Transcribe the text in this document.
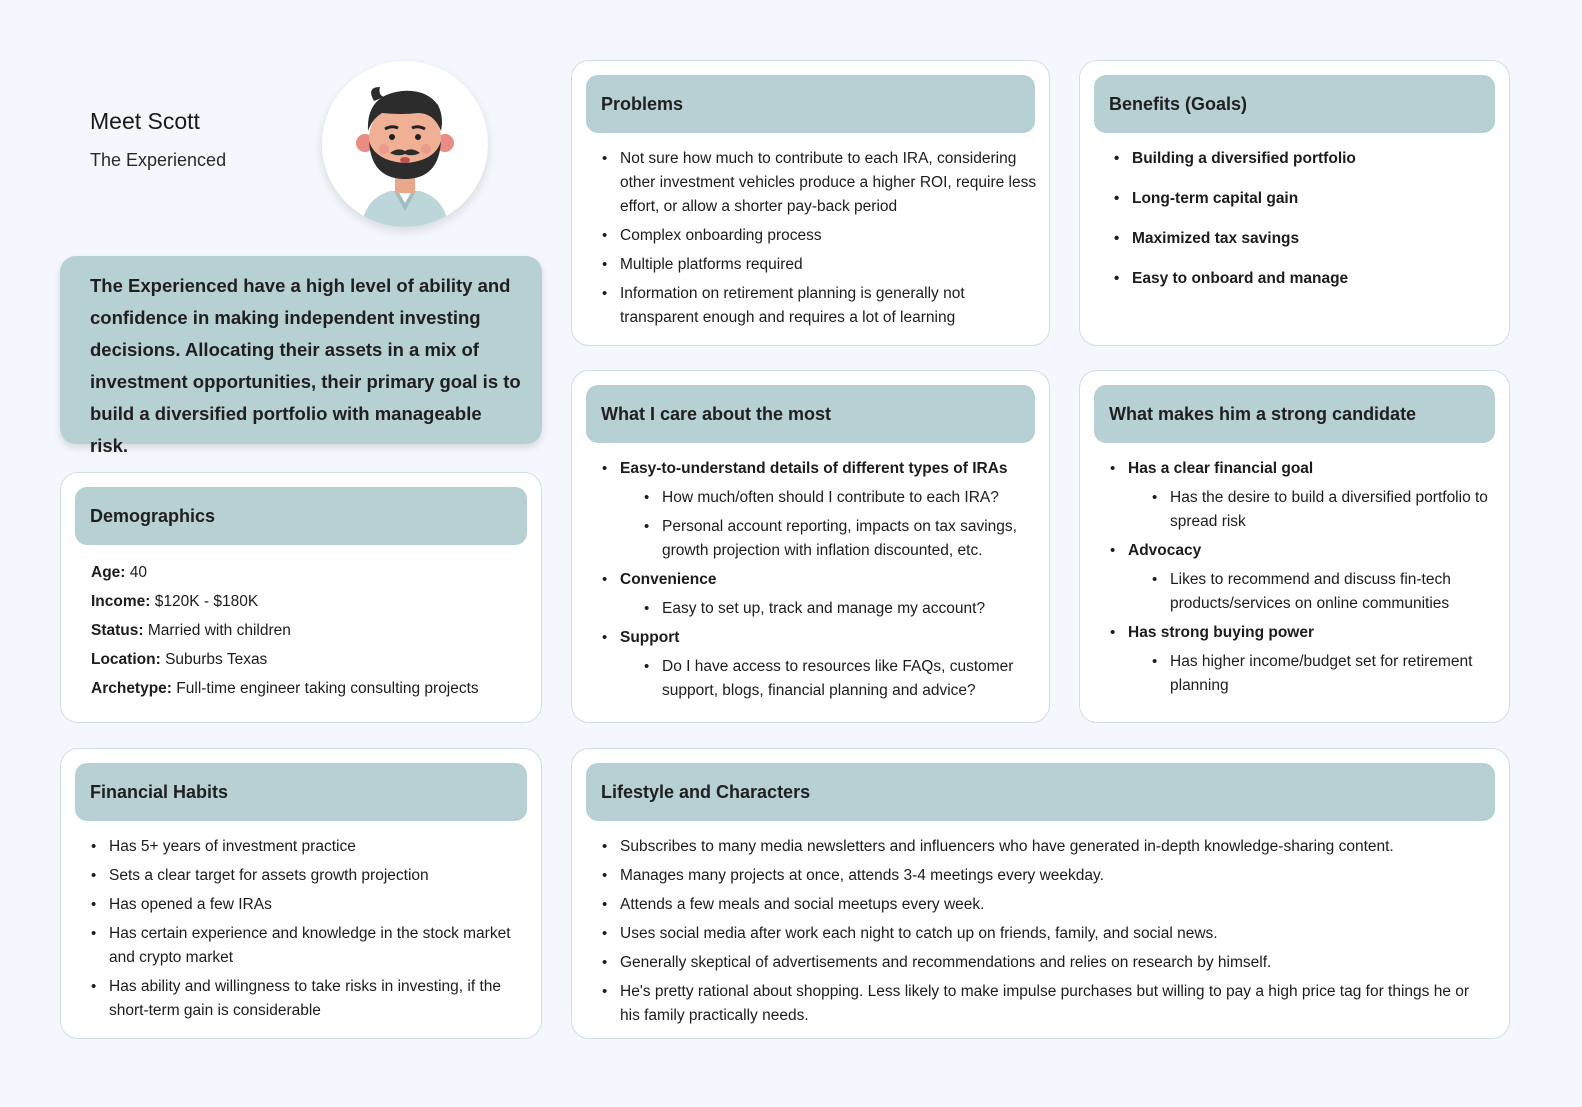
Meet Scott
The Experienced
The Experienced have a high level of ability and confidence in making independent investing decisions. Allocating their assets in a mix of investment opportunities, their primary goal is to build a diversified portfolio with manageable risk.
Demographics
Age: 40
Income: $120K - $180K
Status: Married with children
Location: Suburbs Texas
Archetype: Full-time engineer taking consulting projects
Problems
• Not sure how much to contribute to each IRA, considering other investment vehicles produce a higher ROI, require less effort, or allow a shorter pay-back period
• Complex onboarding process
• Multiple platforms required
• Information on retirement planning is generally not transparent enough and requires a lot of learning
Benefits (Goals)
• Building a diversified portfolio
• Long-term capital gain
• Maximized tax savings
• Easy to onboard and manage
What I care about the most
• Easy-to-understand details of different types of IRAs
• How much/often should I contribute to each IRA?
• Personal account reporting, impacts on tax savings, growth projection with inflation discounted, etc.
• Convenience
• Easy to set up, track and manage my account?
• Support
• Do I have access to resources like FAQs, customer support, blogs, financial planning and advice?
What makes him a strong candidate
• Has a clear financial goal
• Has the desire to build a diversified portfolio to spread risk
• Advocacy
• Likes to recommend and discuss fin-tech products/services on online communities
• Has strong buying power
• Has higher income/budget set for retirement planning
Financial Habits
• Has 5+ years of investment practice
• Sets a clear target for assets growth projection
• Has opened a few IRAs
• Has certain experience and knowledge in the stock market and crypto market
• Has ability and willingness to take risks in investing, if the short-term gain is considerable
Lifestyle and Characters
• Subscribes to many media newsletters and influencers who have generated in-depth knowledge-sharing content.
• Manages many projects at once, attends 3-4 meetings every weekday.
• Attends a few meals and social meetups every week.
• Uses social media after work each night to catch up on friends, family, and social news.
• Generally skeptical of advertisements and recommendations and relies on research by himself.
• He's pretty rational about shopping. Less likely to make impulse purchases but willing to pay a high price tag for things he or his family practically needs.
